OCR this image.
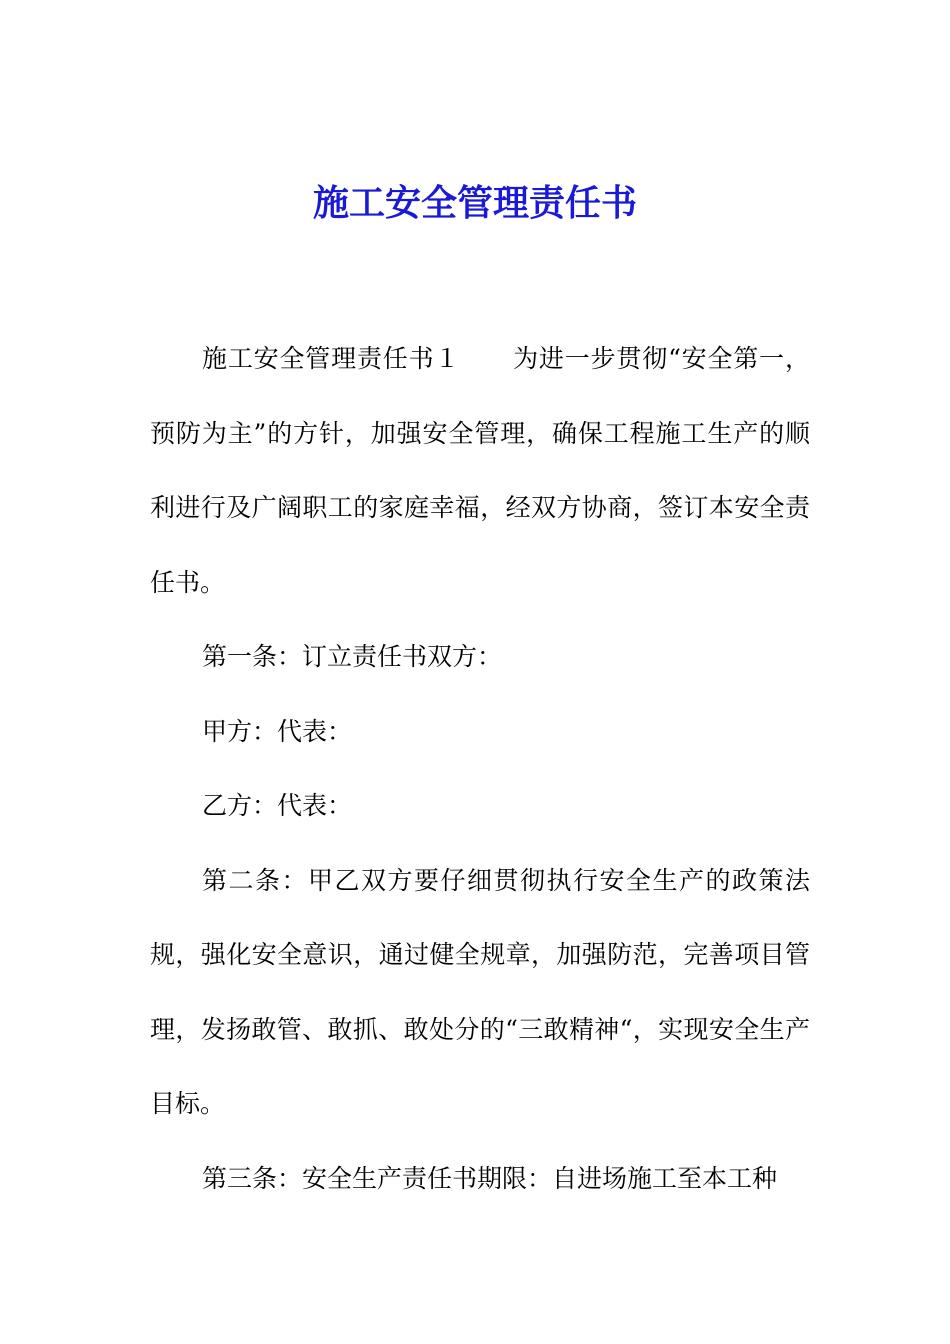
施工安全管理责任书

施工安全管理责任书１ 为进一步贯彻“安全第一，预防为主”的方针，加强安全管理，确保工程施工生产的顺利进行及广阔职工的家庭幸福，经双方协商，签订本安全责任书。

第一条：订立责任书双方：

甲方：代表：

乙方：代表：

第二条：甲乙双方要仔细贯彻执行安全生产的政策法规，强化安全意识，通过健全规章，加强防范，完善项目管理，发扬敢管、敢抓、敢处分的“三敢精神“，实现安全生产目标。

第三条：安全生产责任书期限：自进场施工至本工种
